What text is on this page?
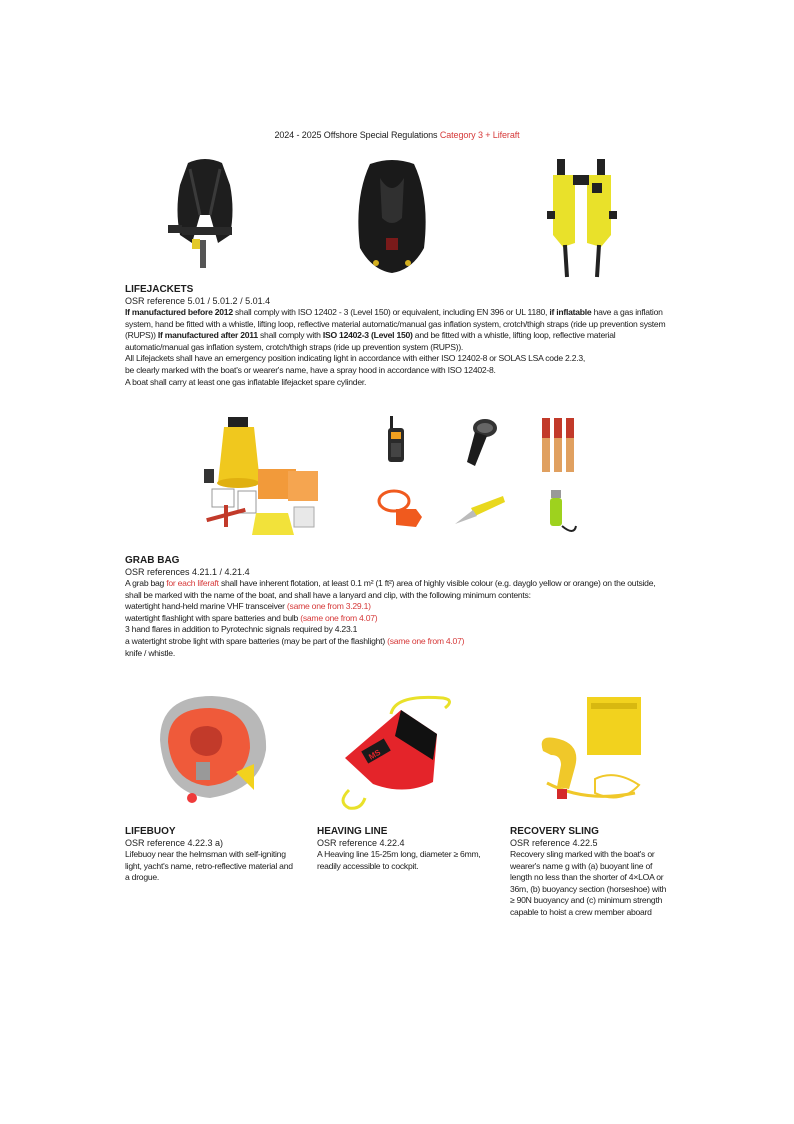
2024 - 2025 Offshore Special Regulations Category 3 + Liferaft
LIFEJACKETS
OSR reference 5.01 / 5.01.2 / 5.01.4
If manufactured before 2012 shall comply with ISO 12402 - 3 (Level 150) or equivalent, including EN 396 or UL 1180, if inflatable have a gas inflation system, hand be fitted with a whistle, lifting loop, reflective material automatic/manual gas inflation system, crotch/thigh straps (ride up prevention system (RUPS)) If manufactured after 2011 shall comply with ISO 12402-3 (Level 150) and be fitted with a whistle, lifting loop, reflective material automatic/manual gas inflation system, crotch/thigh straps (ride up prevention system (RUPS)).
All Lifejackets shall have an emergency position indicating light in accordance with either ISO 12402-8 or SOLAS LSA code 2.2.3,
be clearly marked with the boat's or wearer's name, have a spray hood in accordance with ISO 12402-8.
A boat shall carry at least one gas inflatable lifejacket spare cylinder.
GRAB BAG
OSR references 4.21.1 / 4.21.4
A grab bag for each liferaft shall have inherent flotation, at least 0.1 m² (1 ft²) area of highly visible colour (e.g. dayglo yellow or orange) on the outside, shall be marked with the name of the boat, and shall have a lanyard and clip, with the following minimum contents:
watertight hand-held marine VHF transceiver (same one from 3.29.1)
watertight flashlight with spare batteries and bulb (same one from 4.07)
3 hand flares in addition to Pyrotechnic signals required by 4.23.1
a watertight strobe light with spare batteries (may be part of the flashlight) (same one from 4.07)
knife / whistle.
MS
LIFEBUOY
OSR reference 4.22.3 a)
Lifebuoy near the helmsman with self-igniting light, yacht's name, retro-reflective material and a drogue.
HEAVING LINE
OSR reference 4.22.4
A Heaving line 15-25m long, diameter ≥ 6mm, readily accessible to cockpit.
RECOVERY SLING
OSR reference 4.22.5
Recovery sling marked with the boat's or wearer's name g with (a) buoyant line of length no less than the shorter of 4×LOA or 36m, (b) buoyancy section (horseshoe) with ≥ 90N buoyancy and (c) minimum strength capable to hoist a crew member aboard
